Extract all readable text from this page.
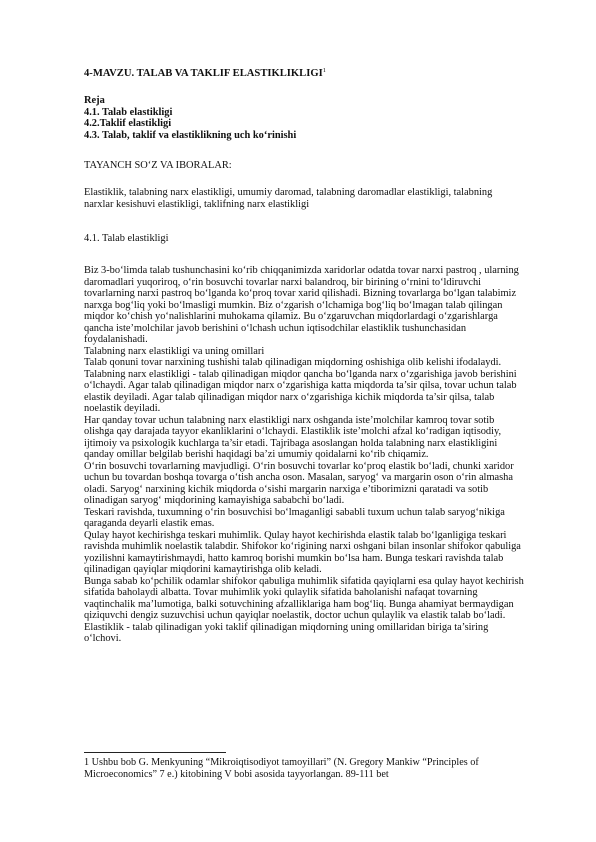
4-MAVZU. TALAB VA TAKLIF ELASTIKLIKLIGI$^1$
Reja
4.1. Talab elastikligi
4.2.Taklif elastikligi
4.3. Talab, taklif va elastiklikning uch ko‘rinishi
TAYANCH SO‘Z VA IBORALAR:

Elastiklik, talabning narx elastikligi, umumiy daromad, talabning daromadlar elastikligi, talabning narxlar kesishuvi elastikligi, taklifning narx elastikligi

4.1. Talab elastikligi

Biz 3-bo‘limda talab tushunchasini ko‘rib chiqqanimizda xaridorlar odatda tovar narxi pastroq , ularning daromadlari yuqoriroq, o‘rin bosuvchi tovarlar narxi balandroq, bir birining o‘rnini to‘ldiruvchi tovarlarning narxi pastroq bo‘lganda ko‘proq tovar xarid qilishadi. Bizning tovarlarga bo‘lgan talabimiz narxga bog‘liq yoki bo‘lmasligi mumkin. Biz o‘zgarish o‘lchamiga bog‘liq bo‘lmagan talab qilingan miqdor ko‘chish yo‘nalishlarini muhokama qilamiz. Bu o‘zgaruvchan miqdorlardagi o‘zgarishlarga qancha iste’molchilar javob berishini o‘lchash uchun iqtisodchilar elastiklik tushunchasidan foydalanishadi.

Talabning narx elastikligi va uning omillari

Talab qonuni tovar narxining tushishi talab qilinadigan miqdorning oshishiga olib kelishi ifodalaydi. Talabning narx elastikligi - talab qilinadigan miqdor qancha bo‘lganda narx o‘zgarishiga javob berishini o‘lchaydi. Agar talab qilinadigan miqdor narx o‘zgarishiga katta miqdorda ta’sir qilsa, tovar uchun talab elastik deyiladi. Agar talab qilinadigan miqdor narx o‘zgarishiga kichik miqdorda ta’sir qilsa, talab noelastik deyiladi.

Har qanday tovar uchun talabning narx elastikligi narx oshganda iste’molchilar kamroq tovar sotib olishga qay darajada tayyor ekanliklarini o‘lchaydi. Elastiklik iste’molchi afzal ko‘radigan iqtisodiy, ijtimoiy va psixologik kuchlarga ta’sir etadi. Tajribaga asoslangan holda talabning narx elastikligini qanday omillar belgilab berishi haqidagi ba’zi umumiy qoidalarni ko‘rib chiqamiz.

O‘rin bosuvchi tovarlarning mavjudligi. O‘rin bosuvchi tovarlar ko‘proq elastik bo‘ladi, chunki xaridor uchun bu tovardan boshqa tovarga o‘tish ancha oson. Masalan, saryog‘ va margarin oson o‘rin almasha oladi. Saryog‘ narxining kichik miqdorda o‘sishi margarin narxiga e’tiborimizni qaratadi va sotib olinadigan saryog‘ miqdorining kamayishiga sababchi bo‘ladi.

Teskari ravishda, tuxumning o‘rin bosuvchisi bo‘lmaganligi sababli tuxum uchun talab saryog‘nikiga qaraganda deyarli elastik emas.

Qulay hayot kechirishga teskari muhimlik. Qulay hayot kechirishda elastik talab bo‘lganligiga teskari ravishda muhimlik noelastik talabdir. Shifokor ko‘rigining narxi oshgani bilan insonlar shifokor qabuliga yozilishni kamaytirishmaydi, hatto kamroq borishi mumkin bo‘lsa ham. Bunga teskari ravishda talab qilinadigan qayiqlar miqdorini kamaytirishga olib keladi.

Bunga sabab ko‘pchilik odamlar shifokor qabuliga muhimlik sifatida qayiqlarni esa qulay hayot kechirish sifatida baholaydi albatta. Tovar muhimlik yoki qulaylik sifatida baholanishi nafaqat tovarning vaqtinchalik ma’lumotiga, balki sotuvchining afzalliklariga ham bog‘liq. Bunga ahamiyat bermaydigan qiziquvchi dengiz suzuvchisi uchun qayiqlar noelastik, doctor uchun qulaylik va elastik talab bo‘ladi.

Elastiklik - talab qilinadigan yoki taklif qilinadigan miqdorning uning omillaridan biriga ta’siring o‘lchovi.

1 Ushbu bob G. Menkyuning “Mikroiqtisodiyot tamoyillari” (N. Gregory Mankiw “Principles of Microeconomics” 7 e.) kitobining V bobi asosida tayyorlangan. 89-111 bet
